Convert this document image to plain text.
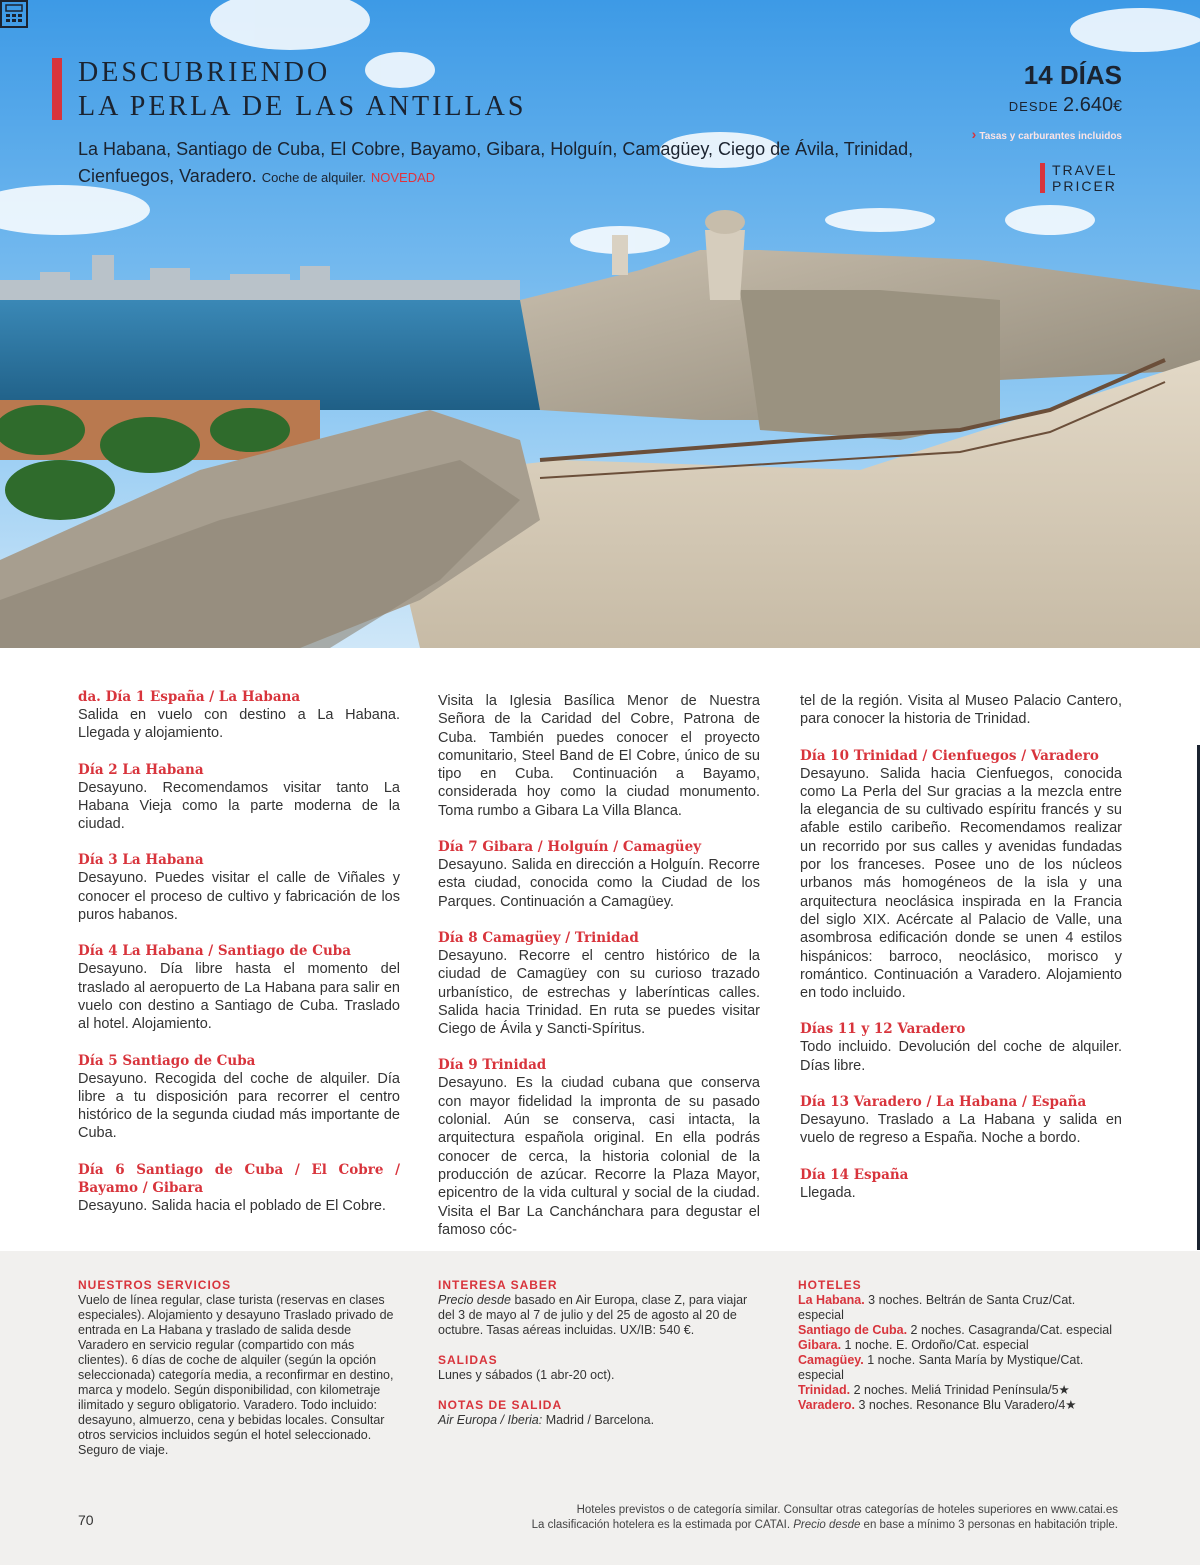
DESCUBRIENDO
LA PERLA DE LAS ANTILLAS
La Habana, Santiago de Cuba, El Cobre, Bayamo, Gibara, Holguín, Camagüey, Ciego de Ávila, Trinidad, Cienfuegos, Varadero. Coche de alquiler. NOVEDAD
14 DÍAS
DESDE 2.640€
› Tasas y carburantes incluidos
TRAVEL
PRICER
da. Día 1 España / La Habana
Salida en vuelo con destino a La Habana. Llegada y alojamiento.
Día 2 La Habana
Desayuno. Recomendamos visitar tanto La Habana Vieja como la parte moderna de la ciudad.
Día 3 La Habana
Desayuno. Puedes visitar el calle de Viñales y conocer el proceso de cultivo y fabricación de los puros habanos.
Día 4 La Habana / Santiago de Cuba
Desayuno. Día libre hasta el momento del traslado al aeropuerto de La Habana para salir en vuelo con destino a Santiago de Cuba. Traslado al hotel. Alojamiento.
Día 5 Santiago de Cuba
Desayuno. Recogida del coche de alquiler. Día libre a tu disposición para recorrer el centro histórico de la segunda ciudad más importante de Cuba.
Día 6 Santiago de Cuba / El Cobre / Bayamo / Gibara
Desayuno. Salida hacia el poblado de El Cobre.
Visita la Iglesia Basílica Menor de Nuestra Señora de la Caridad del Cobre, Patrona de Cuba. También puedes conocer el proyecto comunitario, Steel Band de El Cobre, único de su tipo en Cuba. Continuación a Bayamo, considerada hoy como la ciudad monumento. Toma rumbo a Gibara La Villa Blanca.
Día 7 Gibara / Holguín / Camagüey
Desayuno. Salida en dirección a Holguín. Recorre esta ciudad, conocida como la Ciudad de los Parques. Continuación a Camagüey.
Día 8 Camagüey / Trinidad
Desayuno. Recorre el centro histórico de la ciudad de Camagüey con su curioso trazado urbanístico, de estrechas y laberínticas calles. Salida hacia Trinidad. En ruta se puedes visitar Ciego de Ávila y Sancti-Spíritus.
Día 9 Trinidad
Desayuno. Es la ciudad cubana que conserva con mayor fidelidad la impronta de su pasado colonial. Aún se conserva, casi intacta, la arquitectura española original. En ella podrás conocer de cerca, la historia colonial de la producción de azúcar. Recorre la Plaza Mayor, epicentro de la vida cultural y social de la ciudad. Visita el Bar La Canchánchara para degustar el famoso cóc-
tel de la región. Visita al Museo Palacio Cantero, para conocer la historia de Trinidad.
Día 10 Trinidad / Cienfuegos / Varadero
Desayuno. Salida hacia Cienfuegos, conocida como La Perla del Sur gracias a la mezcla entre la elegancia de su cultivado espíritu francés y su afable estilo caribeño. Recomendamos realizar un recorrido por sus calles y avenidas fundadas por los franceses. Posee uno de los núcleos urbanos más homogéneos de la isla y una arquitectura neoclásica inspirada en la Francia del siglo XIX. Acércate al Palacio de Valle, una asombrosa edificación donde se unen 4 estilos hispánicos: barroco, neoclásico, morisco y romántico. Continuación a Varadero. Alojamiento en todo incluido.
Días 11 y 12 Varadero
Todo incluido. Devolución del coche de alquiler. Días libre.
Día 13 Varadero / La Habana / España
Desayuno. Traslado a La Habana y salida en vuelo de regreso a España. Noche a bordo.
Día 14 España
Llegada.
NUESTROS SERVICIOS
Vuelo de línea regular, clase turista (reservas en clases especiales). Alojamiento y desayuno Traslado privado de entrada en La Habana y traslado de salida desde Varadero en servicio regular (compartido con más clientes). 6 días de coche de alquiler (según la opción seleccionada) categoría media, a reconfirmar en destino, marca y modelo. Según disponibilidad, con kilometraje ilimitado y seguro obligatorio. Varadero. Todo incluido: desayuno, almuerzo, cena y bebidas locales. Consultar otros servicios incluidos según el hotel seleccionado. Seguro de viaje.
INTERESA SABER
Precio desde basado en Air Europa, clase Z, para viajar del 3 de mayo al 7 de julio y del 25 de agosto al 20 de octubre. Tasas aéreas incluidas. UX/IB: 540 €.
SALIDAS
Lunes y sábados (1 abr-20 oct).
NOTAS DE SALIDA
Air Europa / Iberia: Madrid / Barcelona.
HOTELES
La Habana. 3 noches. Beltrán de Santa Cruz/Cat. especial
Santiago de Cuba. 2 noches. Casagranda/Cat. especial
Gibara. 1 noche. E. Ordoño/Cat. especial
Camagüey. 1 noche. Santa María by Mystique/Cat. especial
Trinidad. 2 noches. Meliá Trinidad Península/5★
Varadero. 3 noches. Resonance Blu Varadero/4★
70
Hoteles previstos o de categoría similar. Consultar otras categorías de hoteles superiores en www.catai.es
La clasificación hotelera es la estimada por CATAI. Precio desde en base a mínimo 3 personas en habitación triple.
